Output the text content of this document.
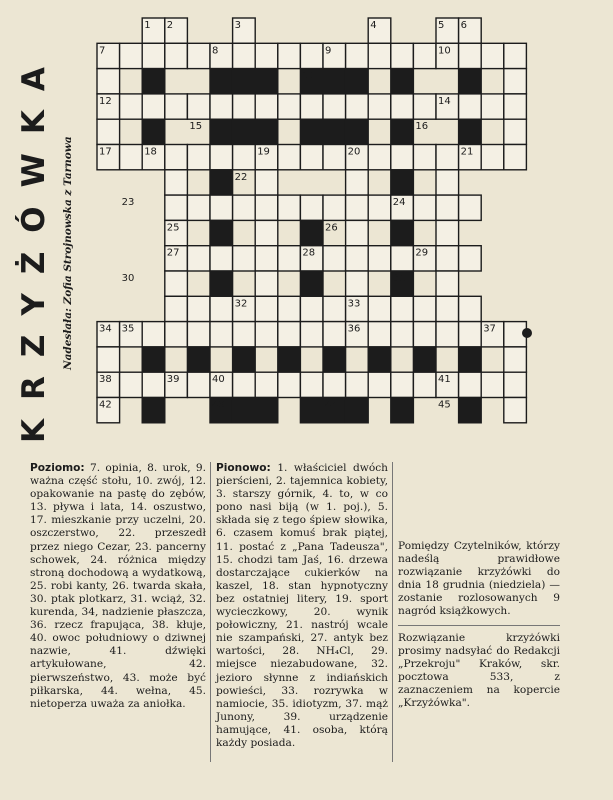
KRZYŻÓWKA Nadesłała: Zofia Strojnowska z Tarnowa
1 2	3	4	5 6
7	8	9	10
11
12	14
15	16
17	18	19	20	21
22
23	24
25	26
27	28	29
30	31
32	33
34 35	36	37
38	39	40	41
42	43	44	45

Poziomo: 7. opinia, 8. urok, 9. ważna część stołu, 10. zwój, 12. opakowanie na pastę do zębów, 13. pływa i lata, 14. oszustwo, 17. mieszkanie przy uczelni, 20. oszczerstwo, 22. przeszedł przez niego Cezar, 23. pancerny schowek, 24. różnica między stroną dochodową a wydatkową, 25. robi kanty, 26. twarda skała, 30. ptak plotkarz, 31. wciąż, 32. kurenda, 34, nadzienie płaszcza, 36. rzecz frapująca, 38. kłuje, 40. owoc południowy o dziwnej nazwie, 41. dźwięki artykułowane, 42. pierwszeństwo, 43. może być piłkarska, 44. wełna, 45. nietoperza uważa za aniołka.

Pionowo: 1. właściciel dwóch pierścieni, 2. tajemnica kobiety, 3. starszy górnik, 4. to, w co pono nasi biją (w 1. poj.), 5. składa się z tego śpiew słowika, 6. czasem komuś brak piątej, 11. postać z „Pana Tadeusza", 15. chodzi tam Jaś, 16. drzewa dostarczające cukierków na kaszel, 18. stan hypnotyczny bez ostatniej litery, 19. sport wycieczkowy, 20. wynik połowiczny, 21. nastrój wcale nie szampański, 27. antyk bez wartości, 28. NH₄Cl, 29. miejsce niezabudowane, 32. jezioro słynne z indiańskich powieści, 33. rozrywka w namiocie, 35. idiotyzm, 37. mąż Junony, 39. urządzenie hamujące, 41. osoba, którą każdy posiada.

Pomiędzy Czytelników, którzy nadeślą prawidłowe rozwiązanie krzyżówki do dnia 18 grudnia (niedziela) — zostanie rozlosowanych 9 nagród książkowych.

Rozwiązanie krzyżówki prosimy nadsyłać do Redakcji „Przekroju" Kraków, skr. pocztowa 533, z zaznaczeniem na kopercie „Krzyżówka".
